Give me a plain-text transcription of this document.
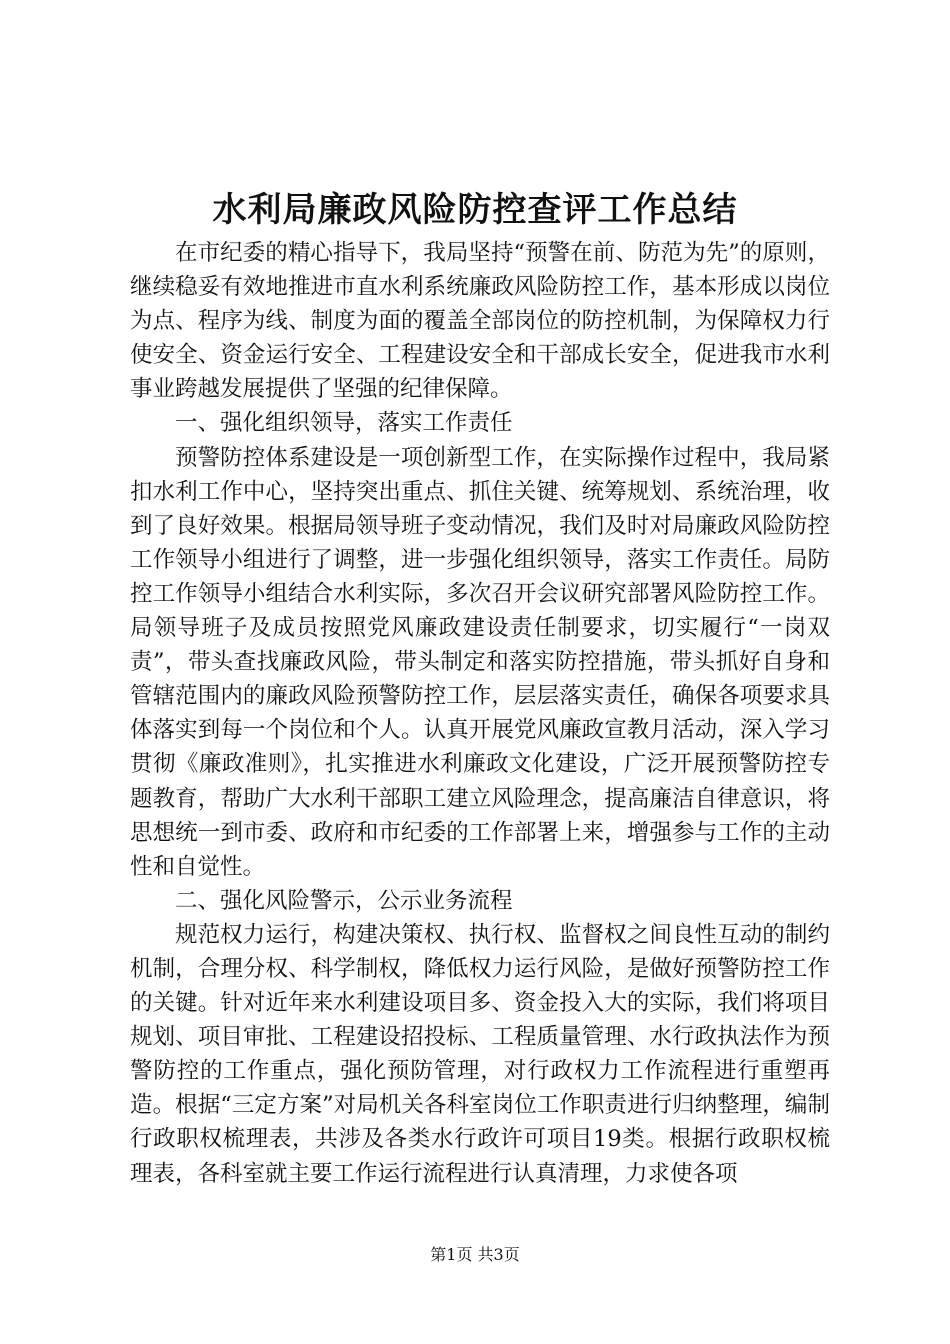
水利局廉政风险防控查评工作总结

在市纪委的精心指导下，我局坚持“预警在前、防范为先”的原则，继续稳妥有效地推进市直水利系统廉政风险防控工作，基本形成以岗位为点、程序为线、制度为面的覆盖全部岗位的防控机制，为保障权力行使安全、资金运行安全、工程建设安全和干部成长安全，促进我市水利事业跨越发展提供了坚强的纪律保障。

一、强化组织领导，落实工作责任

预警防控体系建设是一项创新型工作，在实际操作过程中，我局紧扣水利工作中心，坚持突出重点、抓住关键、统筹规划、系统治理，收到了良好效果。根据局领导班子变动情况，我们及时对局廉政风险防控工作领导小组进行了调整，进一步强化组织领导，落实工作责任。局防控工作领导小组结合水利实际，多次召开会议研究部署风险防控工作。局领导班子及成员按照党风廉政建设责任制要求，切实履行“一岗双责”，带头查找廉政风险，带头制定和落实防控措施，带头抓好自身和管辖范围内的廉政风险预警防控工作，层层落实责任，确保各项要求具体落实到每一个岗位和个人。认真开展党风廉政宣教月活动，深入学习贯彻《廉政准则》，扎实推进水利廉政文化建设，广泛开展预警防控专题教育，帮助广大水利干部职工建立风险理念，提高廉洁自律意识，将思想统一到市委、政府和市纪委的工作部署上来，增强参与工作的主动性和自觉性。

二、强化风险警示，公示业务流程

规范权力运行，构建决策权、执行权、监督权之间良性互动的制约机制，合理分权、科学制权，降低权力运行风险，是做好预警防控工作的关键。针对近年来水利建设项目多、资金投入大的实际，我们将项目规划、项目审批、工程建设招投标、工程质量管理、水行政执法作为预警防控的工作重点，强化预防管理，对行政权力工作流程进行重塑再造。根据“三定方案”对局机关各科室岗位工作职责进行归纳整理，编制行政职权梳理表，共涉及各类水行政许可项目19类。根据行政职权梳理表，各科室就主要工作运行流程进行认真清理，力求使各项

第1页 共3页
